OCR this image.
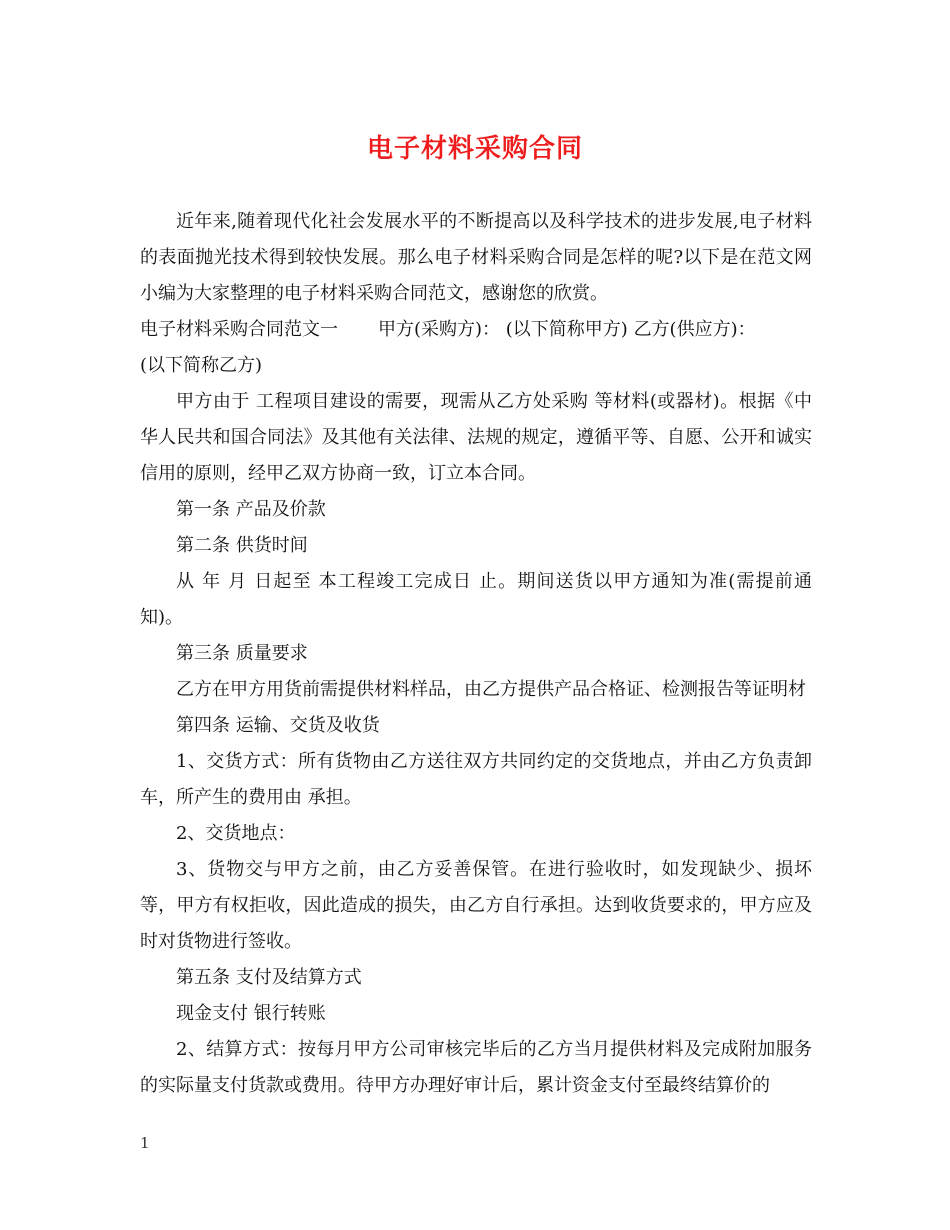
电子材料采购合同

近年来,随着现代化社会发展水平的不断提高以及科学技术的进步发展,电子材料的表面抛光技术得到较快发展。那么电子材料采购合同是怎样的呢?以下是在范文网小编为大家整理的电子材料采购合同范文，感谢您的欣赏。

电子材料采购合同范文一 甲方(采购方)： (以下简称甲方) 乙方(供应方)：

(以下简称乙方)

甲方由于 工程项目建设的需要，现需从乙方处采购 等材料(或器材)。根据《中华人民共和国合同法》及其他有关法律、法规的规定，遵循平等、自愿、公开和诚实信用的原则，经甲乙双方协商一致，订立本合同。

第一条 产品及价款

第二条 供货时间

从 年 月 日起至 本工程竣工完成日 止。期间送货以甲方通知为准(需提前通知)。

第三条 质量要求

乙方在甲方用货前需提供材料样品，由乙方提供产品合格证、检测报告等证明材

第四条 运输、交货及收货

1、交货方式：所有货物由乙方送往双方共同约定的交货地点，并由乙方负责卸车，所产生的费用由 承担。

2、交货地点：

3、货物交与甲方之前，由乙方妥善保管。在进行验收时，如发现缺少、损坏等，甲方有权拒收，因此造成的损失，由乙方自行承担。达到收货要求的，甲方应及时对货物进行签收。

第五条 支付及结算方式

现金支付 银行转账

2、结算方式：按每月甲方公司审核完毕后的乙方当月提供材料及完成附加服务的实际量支付货款或费用。待甲方办理好审计后，累计资金支付至最终结算价的

1
